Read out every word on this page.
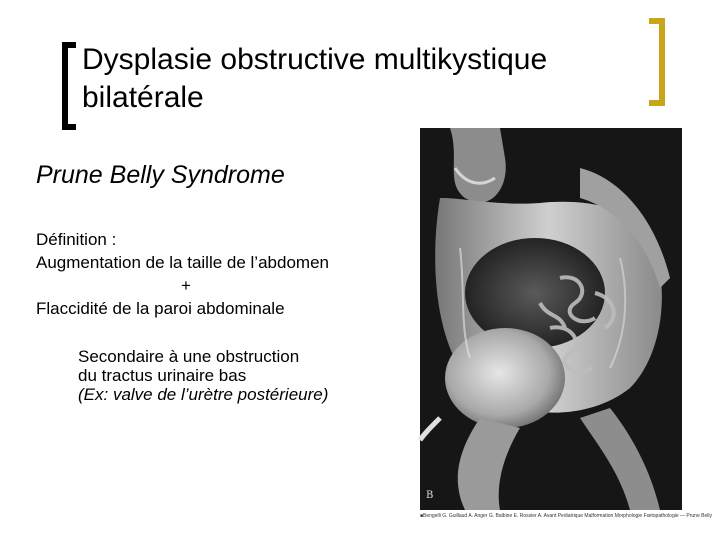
Dysplasie obstructive multikystique bilatérale
Prune Belly Syndrome
Définition :
Augmentation de la taille de l’abdomen
+
Flaccidité de la paroi abdominale
Secondaire à une obstruction
du tractus urinaire bas
(Ex: valve de l’urètre postérieure)
B
■Bengelli G. Guillaud A. Anger G. Balbine E. Rossier A. Avant Pediatrique Malformation Morphologie Fœtopathologie — Prune Belly
